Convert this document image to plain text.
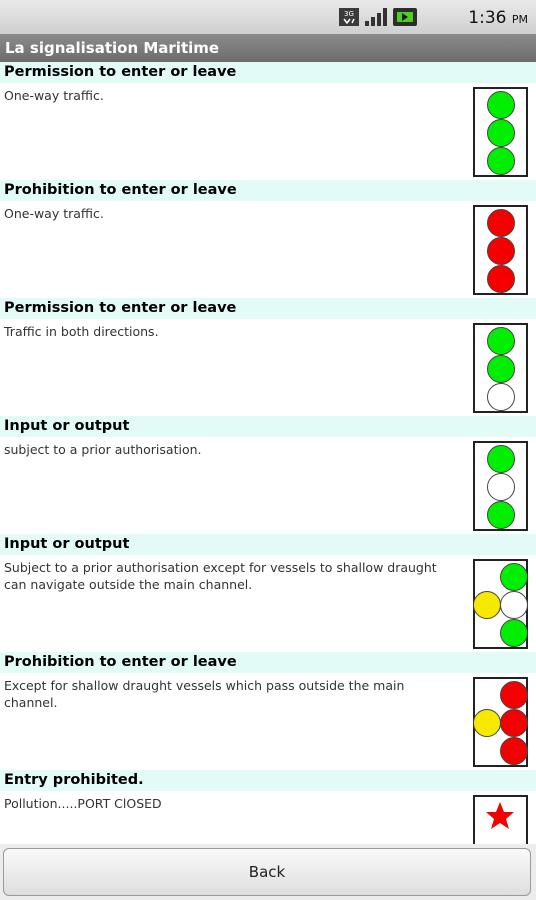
3G	1:36 PM
La signalisation Maritime
Permission to enter or leave
One-way traffic.
Prohibition to enter or leave
One-way traffic.
Permission to enter or leave
Traffic in both directions.
Input or output
subject to a prior authorisation.
Input or output
Subject to a prior authorisation except for vessels to shallow draught can navigate outside the main channel.
Prohibition to enter or leave
Except for shallow draught vessels which pass outside the main channel.
Entry prohibited.
Pollution.....PORT ClOSED
Back
